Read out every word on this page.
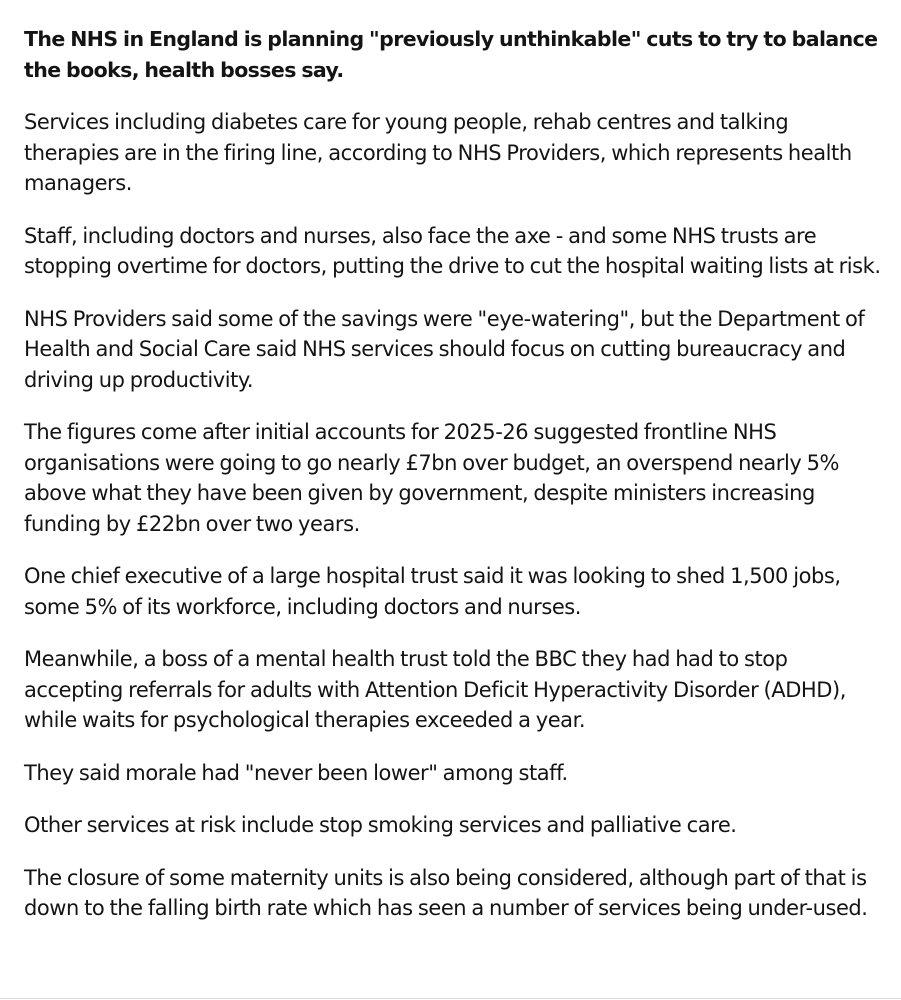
The NHS in England is planning "previously unthinkable" cuts to try to balance the books, health bosses say.

Services including diabetes care for young people, rehab centres and talking therapies are in the firing line, according to NHS Providers, which represents health managers.

Staff, including doctors and nurses, also face the axe - and some NHS trusts are stopping overtime for doctors, putting the drive to cut the hospital waiting lists at risk.

NHS Providers said some of the savings were "eye-watering", but the Department of Health and Social Care said NHS services should focus on cutting bureaucracy and driving up productivity.

The figures come after initial accounts for 2025-26 suggested frontline NHS organisations were going to go nearly £7bn over budget, an overspend nearly 5% above what they have been given by government, despite ministers increasing funding by £22bn over two years.

One chief executive of a large hospital trust said it was looking to shed 1,500 jobs, some 5% of its workforce, including doctors and nurses.

Meanwhile, a boss of a mental health trust told the BBC they had had to stop accepting referrals for adults with Attention Deficit Hyperactivity Disorder (ADHD), while waits for psychological therapies exceeded a year.

They said morale had "never been lower" among staff.

Other services at risk include stop smoking services and palliative care.

The closure of some maternity units is also being considered, although part of that is down to the falling birth rate which has seen a number of services being under-used.
